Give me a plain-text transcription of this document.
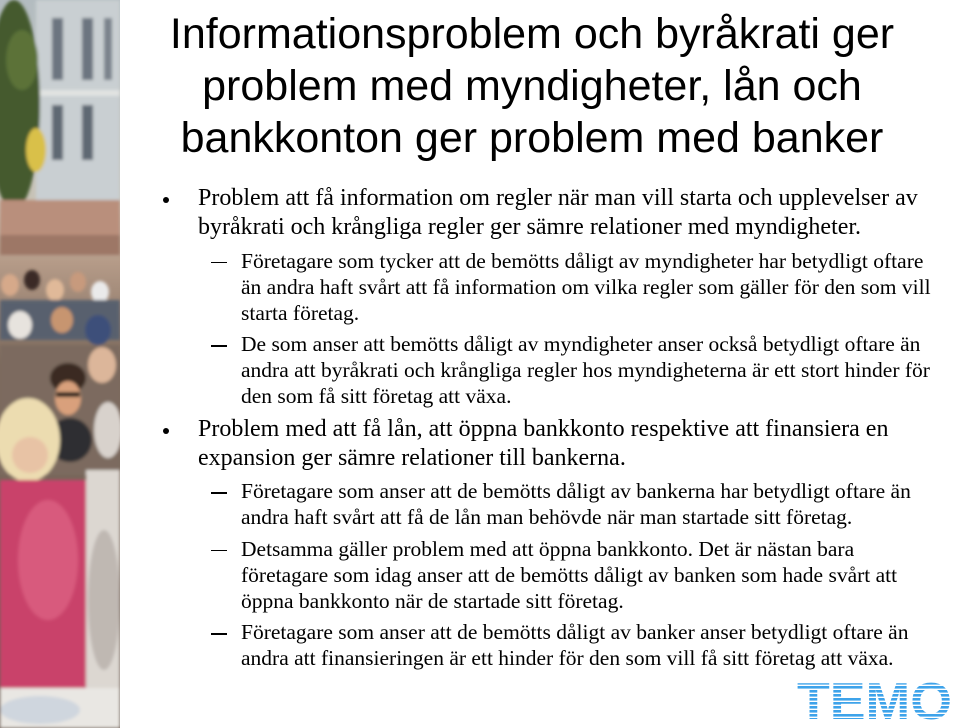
Informationsproblem och byråkrati ger
problem med myndigheter, lån och
bankkonton ger problem med banker
Problem att få information om regler när man vill starta och upplevelser av
byråkrati och krångliga regler ger sämre relationer med myndigheter.
Företagare som tycker att de bemötts dåligt av myndigheter har betydligt oftare
än andra haft svårt att få information om vilka regler som gäller för den som vill
starta företag.
De som anser att bemötts dåligt av myndigheter anser också betydligt oftare än
andra att byråkrati och krångliga regler hos myndigheterna är ett stort hinder för
den som få sitt företag att växa.
Problem med att få lån, att öppna bankkonto respektive att finansiera en
expansion ger sämre relationer till bankerna.
Företagare som anser att de bemötts dåligt av bankerna har betydligt oftare än
andra haft svårt att få de lån man behövde när man startade sitt företag.
Detsamma gäller problem med att öppna bankkonto. Det är nästan bara
företagare som idag anser att de bemötts dåligt av banken som hade svårt att
öppna bankkonto när de startade sitt företag.
Företagare som anser att de bemötts dåligt av banker anser betydligt oftare än
andra att finansieringen är ett hinder för den som vill få sitt företag att växa.
TEMO
